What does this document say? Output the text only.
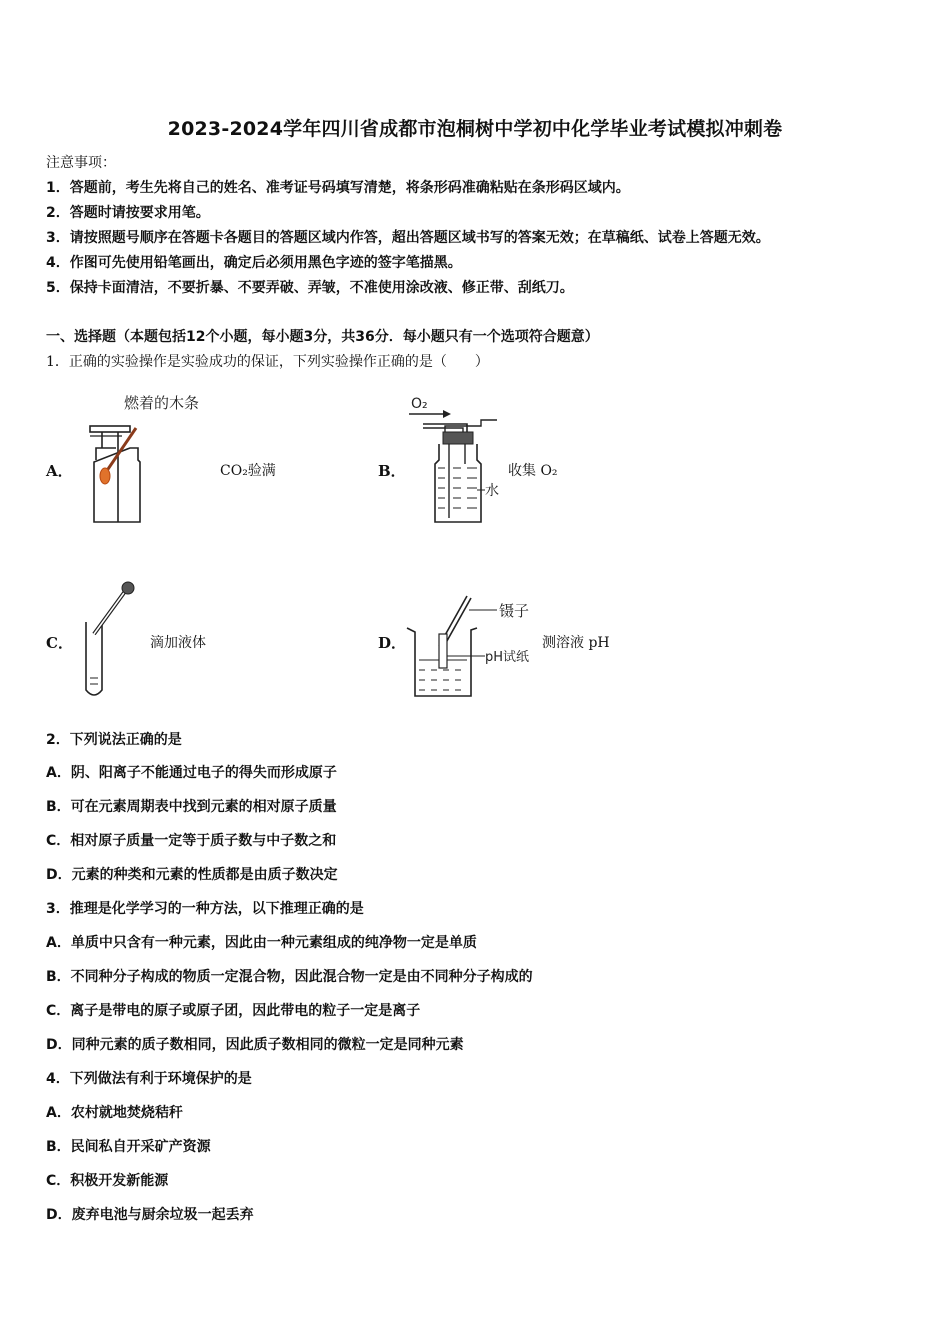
2023-2024学年四川省成都市泡桐树中学初中化学毕业考试模拟冲刺卷
注意事项：
1．答题前，考生先将自己的姓名、准考证号码填写清楚，将条形码准确粘贴在条形码区域内。
2．答题时请按要求用笔。
3．请按照题号顺序在答题卡各题目的答题区域内作答，超出答题区域书写的答案无效；在草稿纸、试卷上答题无效。
4．作图可先使用铅笔画出，确定后必须用黑色字迹的签字笔描黑。
5．保持卡面清洁，不要折暴、不要弄破、弄皱，不准使用涂改液、修正带、刮纸刀。
一、选择题（本题包括12个小题，每小题3分，共36分．每小题只有一个选项符合题意）
1．正确的实验操作是实验成功的保证，下列实验操作正确的是（　　）
A．
燃着的木条
CO₂验满	B．
O₂
水
收集 O₂
C．	滴加液体	D．
镊子
pH试纸
测溶液 pH
2．下列说法正确的是
A．阴、阳离子不能通过电子的得失而形成原子
B．可在元素周期表中找到元素的相对原子质量
C．相对原子质量一定等于质子数与中子数之和
D．元素的种类和元素的性质都是由质子数决定
3．推理是化学学习的一种方法，以下推理正确的是
A．单质中只含有一种元素，因此由一种元素组成的纯净物一定是单质
B．不同种分子构成的物质一定混合物，因此混合物一定是由不同种分子构成的
C．离子是带电的原子或原子团，因此带电的粒子一定是离子
D．同种元素的质子数相同，因此质子数相同的微粒一定是同种元素
4．下列做法有利于环境保护的是
A．农村就地焚烧秸秆
B．民间私自开采矿产资源
C．积极开发新能源
D．废弃电池与厨余垃圾一起丢弃
